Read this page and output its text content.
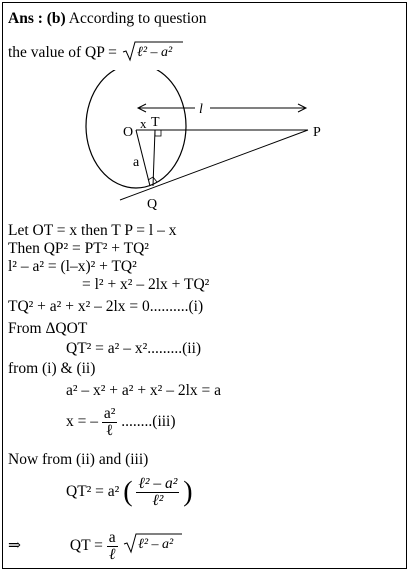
Ans : (b) According to question
the value of QP = ℓ² – a²
l
O
x T
P
a
Q
Let OT = x then T P = l – x
Then QP² = PT² + TQ²
l² – a² = (l–x)² + TQ²
= l² + x² – 2lx + TQ²
TQ² + a² + x² – 2lx = 0..........(i)
From ΔQOT
QT² = a² – x².........(ii)
from (i) & (ii)
a² – x² + a² + x² – 2lx = a
x = – $\frac{\text{a²}}{\text{ℓ}} ........(iii)$
Now from (ii) and (iii)
QT² = a² ( $\frac{\text{ℓ² – a²}}{\text{ℓ²}}$ )
⇒	QT = $\frac{a}{\text{ℓ}}$
ℓ² – a²
